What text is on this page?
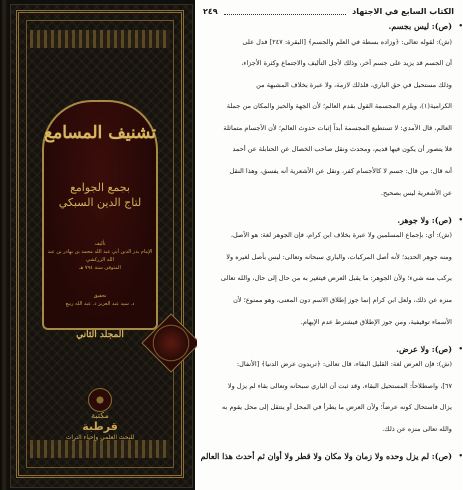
تشنيف المسامع
بجمع الجوامع
لتاج الدين السبكي
تأليف
الإمام بدر الدين أبي عبد الله محمد بن بهادر بن عبد الله الزركشي
المتوفى سنة ٧٩٤ هـ
تحقيق
د. سيد عبد العزيز د. عبد الله ربيع
المجلد الثاني
مكتبة
قرطبة
للبحث العلمي وإحياء التراث
الكتاب السابع في الاجتهاد
٢٤٩
(ص): ليس بجسم. •
(ش): لقوله تعالى: ﴿وزاده بسطة في العلم والجسم﴾ [البقرة: ٢٤٧] فدل على
أن الجسم قد يزيد على جسم آخر، وذلك لأجل التأليف والاجتماع وكثرة الأجزاء،
وذلك مستحيل في حق الباري، فلذلك لازمة، ولا عبرة بخلاف المشبهة من
الكرامية(١)، ويلزم المجسمة القول بقدم العالم؛ لأن الجهة والحيز والمكان من جملة
العالم، قال الآمدي: لا تستطيع المجسمة أبداً إثبات حدوث العالم؛ لأن الأجسام متماثلة
فلا يتصور أن يكون فيها قديم، ومحدث ونقل صاحب الخصال عن الحنابلة عن أحمد
أنه قال: من قال: جسم لا كالأجسام كفر، ونقل عن الأشعرية أنه يفسق، وهذا النقل
عن الأشعرية ليس بصحيح.
(ص): ولا جوهر. •
(ش): أي: بإجماع المسلمين ولا عبرة بخلاف ابن كرام، فإن الجوهر لغة: هو الأصل،
ومنه جوهر الحديد؛ لأنه أصل المركبات، والباري سبحانه وتعالى: ليس بأصل لغيره ولا
يركب منه شيء؛ ولأن الجوهر: ما يقبل العرض فيتغير به من حال إلى حال، والله تعالى
منزه عن ذلك، ولعل ابن كرام إنما جوز إطلاق الاسم دون المعنى، وهو ممنوع؛ لأن
الأسماء توقيفية، ومن جوز الإطلاق فيشترط عدم الإيهام.
(ص): ولا عرض. •
(ش): فإن العرض لغة: القليل البقاء، قال تعالى: ﴿تريدون عرض الدنيا﴾ [الأنفال:
٦٧]، واصطلاحاً: المستحيل البقاء، وقد ثبت أن الباري سبحانه وتعالى بقاء لم يزل ولا
يزال فاستحال كونه عرضاً؛ ولأن العرض ما يطرأ في المحل أو ينتقل إلى محل يقوم به
والله تعالى منزه عن ذلك.
(ص): لم يزل وحده ولا زمان ولا مكان ولا قطر ولا أوان ثم أحدث هذا العالم •
